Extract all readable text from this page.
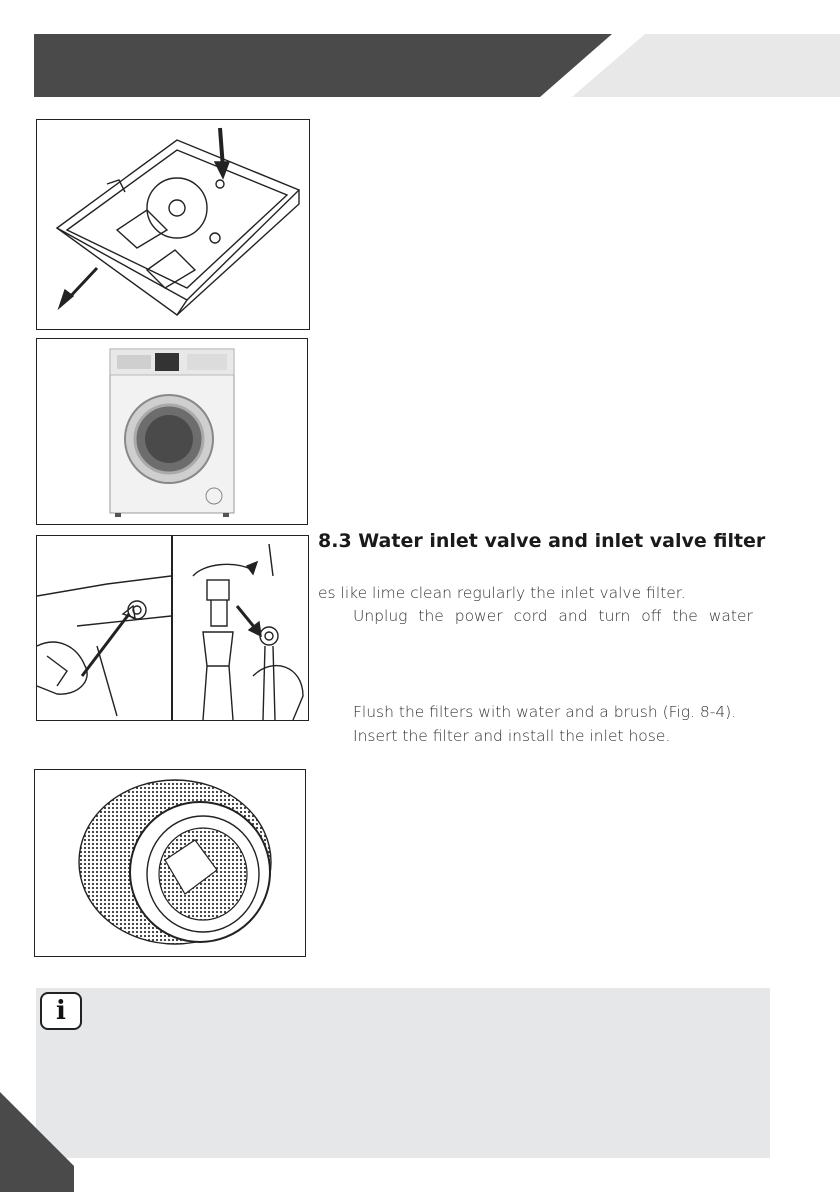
8.3 Water inlet valve and inlet valve filter
es like lime clean regularly the inlet valve filter.
Unplug the power cord and turn off the water
Flush the filters with water and a brush (Fig. 8-4).
Insert the filter and install the inlet hose.
i
